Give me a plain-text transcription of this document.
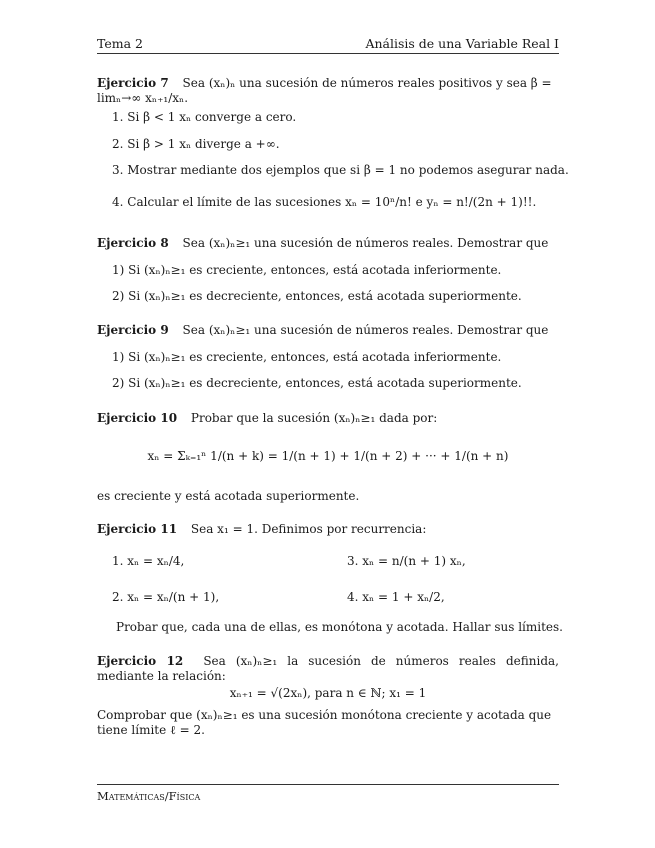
Tema 2	Análisis de una Variable Real I
Ejercicio 7 Sea (xₙ)ₙ una sucesión de números reales positivos y sea β = limₙ→∞ xₙ₊₁/xₙ.
1. Si β < 1 xₙ converge a cero.
2. Si β > 1 xₙ diverge a +∞.
3. Mostrar mediante dos ejemplos que si β = 1 no podemos asegurar nada.
4. Calcular el límite de las sucesiones xₙ = 10ⁿ/n! e yₙ = n!/(2n + 1)!!.
Ejercicio 8 Sea (xₙ)ₙ≥₁ una sucesión de números reales. Demostrar que
1) Si (xₙ)ₙ≥₁ es creciente, entonces, está acotada inferiormente.
2) Si (xₙ)ₙ≥₁ es decreciente, entonces, está acotada superiormente.
Ejercicio 9 Sea (xₙ)ₙ≥₁ una sucesión de números reales. Demostrar que
1) Si (xₙ)ₙ≥₁ es creciente, entonces, está acotada inferiormente.
2) Si (xₙ)ₙ≥₁ es decreciente, entonces, está acotada superiormente.
Ejercicio 10 Probar que la sucesión (xₙ)ₙ≥₁ dada por:
xₙ = Σₖ₌₁ⁿ 1/(n + k) = 1/(n + 1) + 1/(n + 2) + ··· + 1/(n + n)
es creciente y está acotada superiormente.
Ejercicio 11 Sea x₁ = 1. Definimos por recurrencia:
1. xₙ = xₙ/4,
2. xₙ = xₙ/(n + 1),
3. xₙ = n/(n + 1) xₙ,
4. xₙ = 1 + xₙ/2,
Probar que, cada una de ellas, es monótona y acotada. Hallar sus límites.
Ejercicio 12 Sea (xₙ)ₙ≥₁ la sucesión de números reales definida, mediante la relación:
xₙ₊₁ = √(2xₙ), para n ∈ ℕ; x₁ = 1
Comprobar que (xₙ)ₙ≥₁ es una sucesión monótona creciente y acotada que tiene límite ℓ = 2.
Matemáticas/Física
